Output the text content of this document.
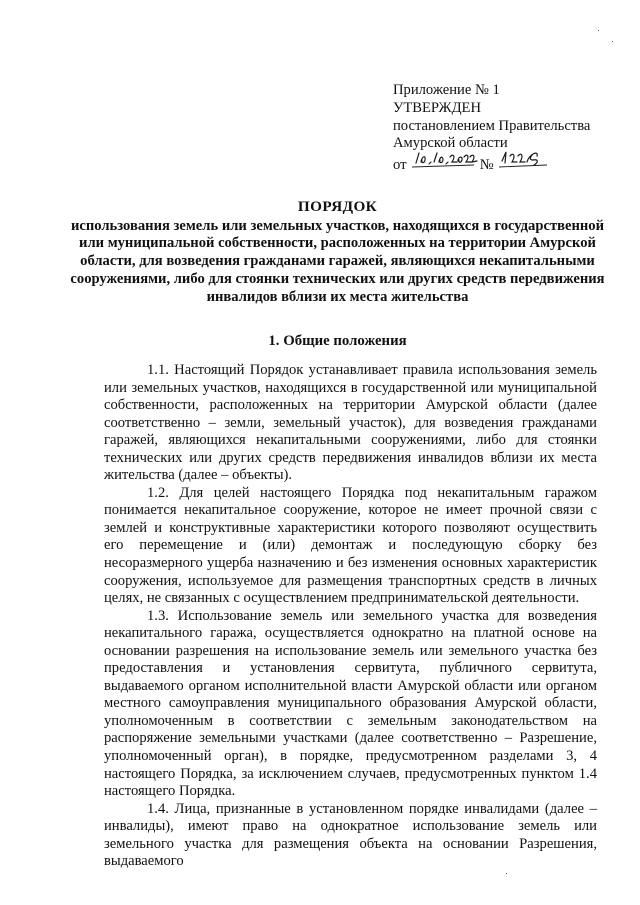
Приложение № 1
УТВЕРЖДЕН
постановлением Правительства
Амурской области
от	№
ПОРЯДОК
использования земель или земельных участков, находящихся в государственной или муниципальной собственности, расположенных на территории Амурской области, для возведения гражданами гаражей, являющихся некапитальными сооружениями, либо для стоянки технических или других средств передвижения инвалидов вблизи их места жительства
1. Общие положения

1.1. Настоящий Порядок устанавливает правила использования земель или земельных участков, находящихся в государственной или муниципальной собственности, расположенных на территории Амурской области (далее соответственно – земли, земельный участок), для возведения гражданами гаражей, являющихся некапитальными сооружениями, либо для стоянки технических или других средств передвижения инвалидов вблизи их места жительства (далее – объекты).

1.2. Для целей настоящего Порядка под некапитальным гаражом понимается некапитальное сооружение, которое не имеет прочной связи с землей и конструктивные характеристики которого позволяют осуществить его перемещение и (или) демонтаж и последующую сборку без несоразмерного ущерба назначению и без изменения основных характеристик сооружения, используемое для размещения транспортных средств в личных целях, не связанных с осуществлением предпринимательской деятельности.

1.3. Использование земель или земельного участка для возведения некапитального гаража, осуществляется однократно на платной основе на основании разрешения на использование земель или земельного участка без предоставления и установления сервитута, публичного сервитута, выдаваемого органом исполнительной власти Амурской области или органом местного самоуправления муниципального образования Амурской области, уполномоченным в соответствии с земельным законодательством на распоряжение земельными участками (далее соответственно – Разрешение, уполномоченный орган), в порядке, предусмотренном разделами 3, 4 настоящего Порядка, за исключением случаев, предусмотренных пунктом 1.4 настоящего Порядка.

1.4. Лица, признанные в установленном порядке инвалидами (далее – инвалиды), имеют право на однократное использование земель или земельного участка для размещения объекта на основании Разрешения, выдаваемого
